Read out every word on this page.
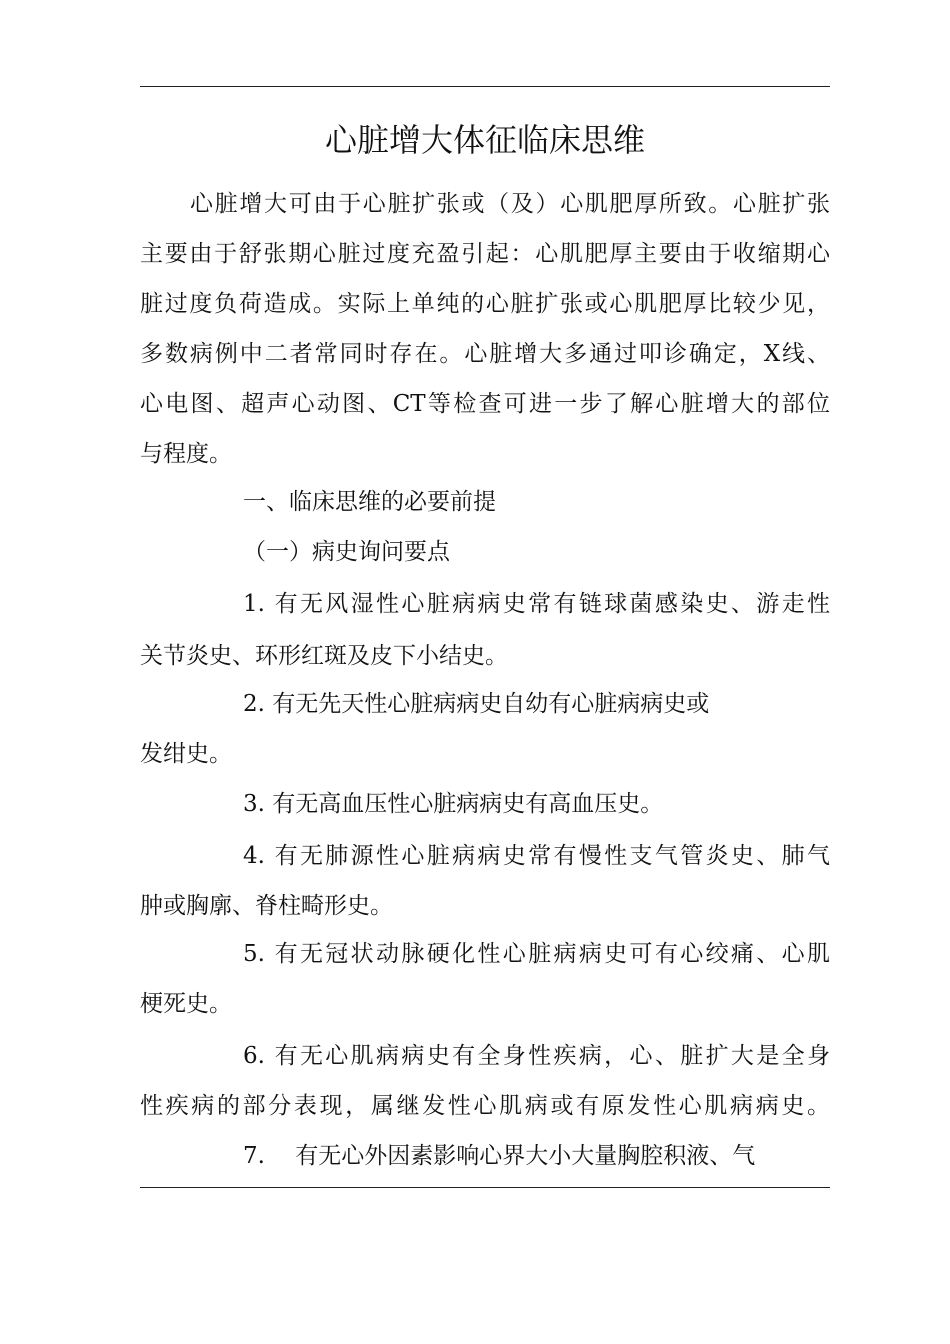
心脏增大体征临床思维
心脏增大可由于心脏扩张或（及）心肌肥厚所致。心脏扩张
主要由于舒张期心脏过度充盈引起：心肌肥厚主要由于收缩期心
脏过度负荷造成。实际上单纯的心脏扩张或心肌肥厚比较少见，
多数病例中二者常同时存在。心脏增大多通过叩诊确定，X线、
心电图、超声心动图、CT等检查可进一步了解心脏增大的部位
与程度。
一、临床思维的必要前提
（一）病史询问要点
1. 有无风湿性心脏病病史常有链球菌感染史、游走性
关节炎史、环形红斑及皮下小结史。
2. 有无先天性心脏病病史自幼有心脏病病史或
发绀史。
3. 有无高血压性心脏病病史有高血压史。
4. 有无肺源性心脏病病史常有慢性支气管炎史、肺气
肿或胸廓、脊柱畸形史。
5. 有无冠状动脉硬化性心脏病病史可有心绞痛、心肌
梗死史。
6. 有无心肌病病史有全身性疾病，心、脏扩大是全身
性疾病的部分表现，属继发性心肌病或有原发性心肌病病史。
7.　 有无心外因素影响心界大小大量胸腔积液、气
